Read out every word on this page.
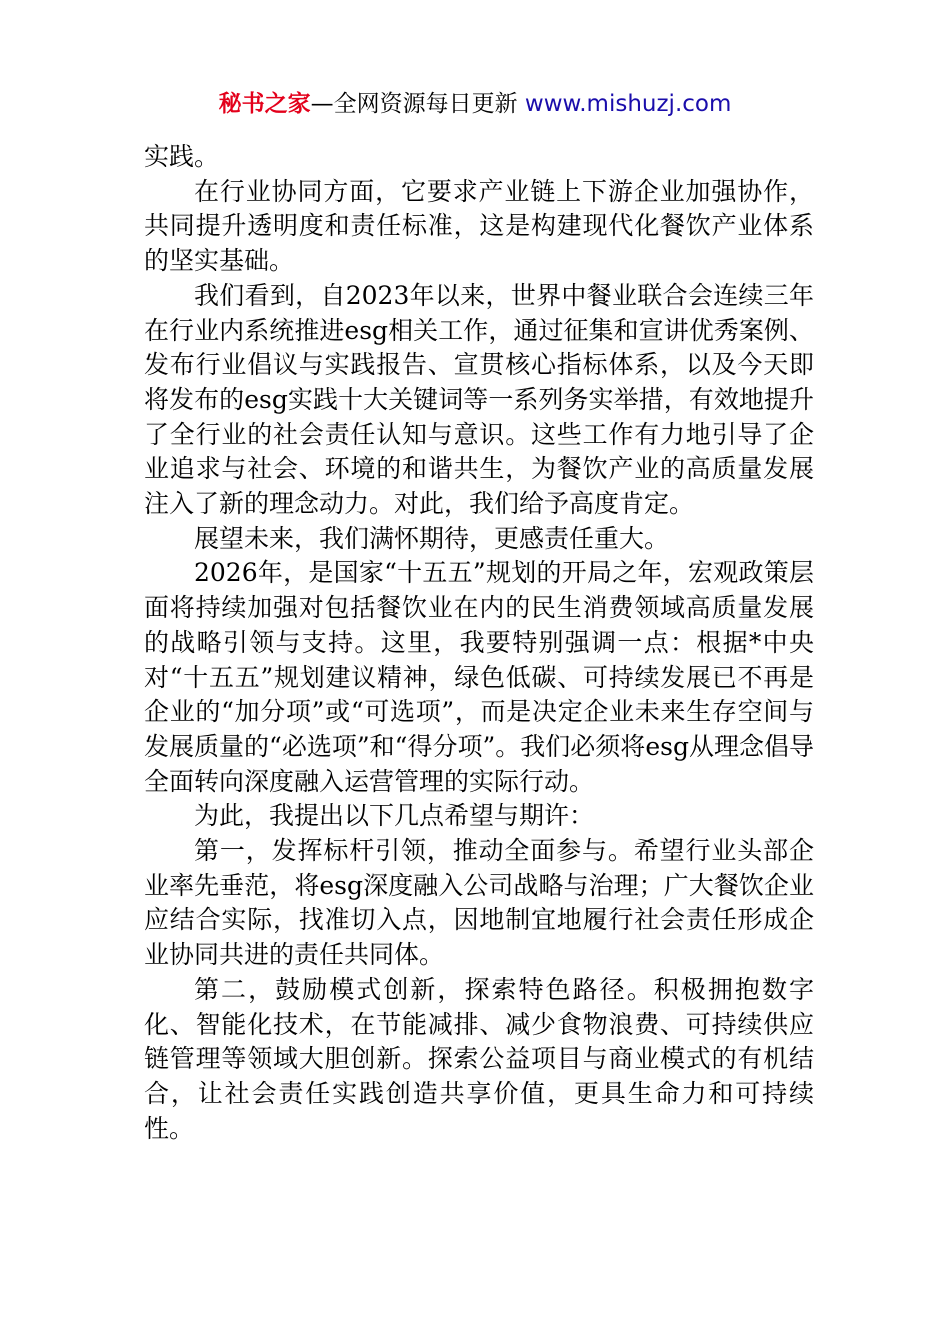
秘书之家—全网资源每日更新 www.mishuzj.com

实践。

在行业协同方面，它要求产业链上下游企业加强协作，共同提升透明度和责任标准，这是构建现代化餐饮产业体系的坚实基础。

我们看到，自2023年以来，世界中餐业联合会连续三年在行业内系统推进esg相关工作，通过征集和宣讲优秀案例、发布行业倡议与实践报告、宣贯核心指标体系，以及今天即将发布的esg实践十大关键词等一系列务实举措，有效地提升了全行业的社会责任认知与意识。这些工作有力地引导了企业追求与社会、环境的和谐共生，为餐饮产业的高质量发展注入了新的理念动力。对此，我们给予高度肯定。

展望未来，我们满怀期待，更感责任重大。

2026年，是国家“十五五”规划的开局之年，宏观政策层面将持续加强对包括餐饮业在内的民生消费领域高质量发展的战略引领与支持。这里，我要特别强调一点：根据*中央对“十五五”规划建议精神，绿色低碳、可持续发展已不再是企业的“加分项”或“可选项”，而是决定企业未来生存空间与发展质量的“必选项”和“得分项”。我们必须将esg从理念倡导全面转向深度融入运营管理的实际行动。

为此，我提出以下几点希望与期许：

第一，发挥标杆引领，推动全面参与。希望行业头部企业率先垂范，将esg深度融入公司战略与治理；广大餐饮企业应结合实际，找准切入点，因地制宜地履行社会责任形成企业协同共进的责任共同体。

第二，鼓励模式创新，探索特色路径。积极拥抱数字化、智能化技术，在节能减排、减少食物浪费、可持续供应链管理等领域大胆创新。探索公益项目与商业模式的有机结合，让社会责任实践创造共享价值，更具生命力和可持续性。
